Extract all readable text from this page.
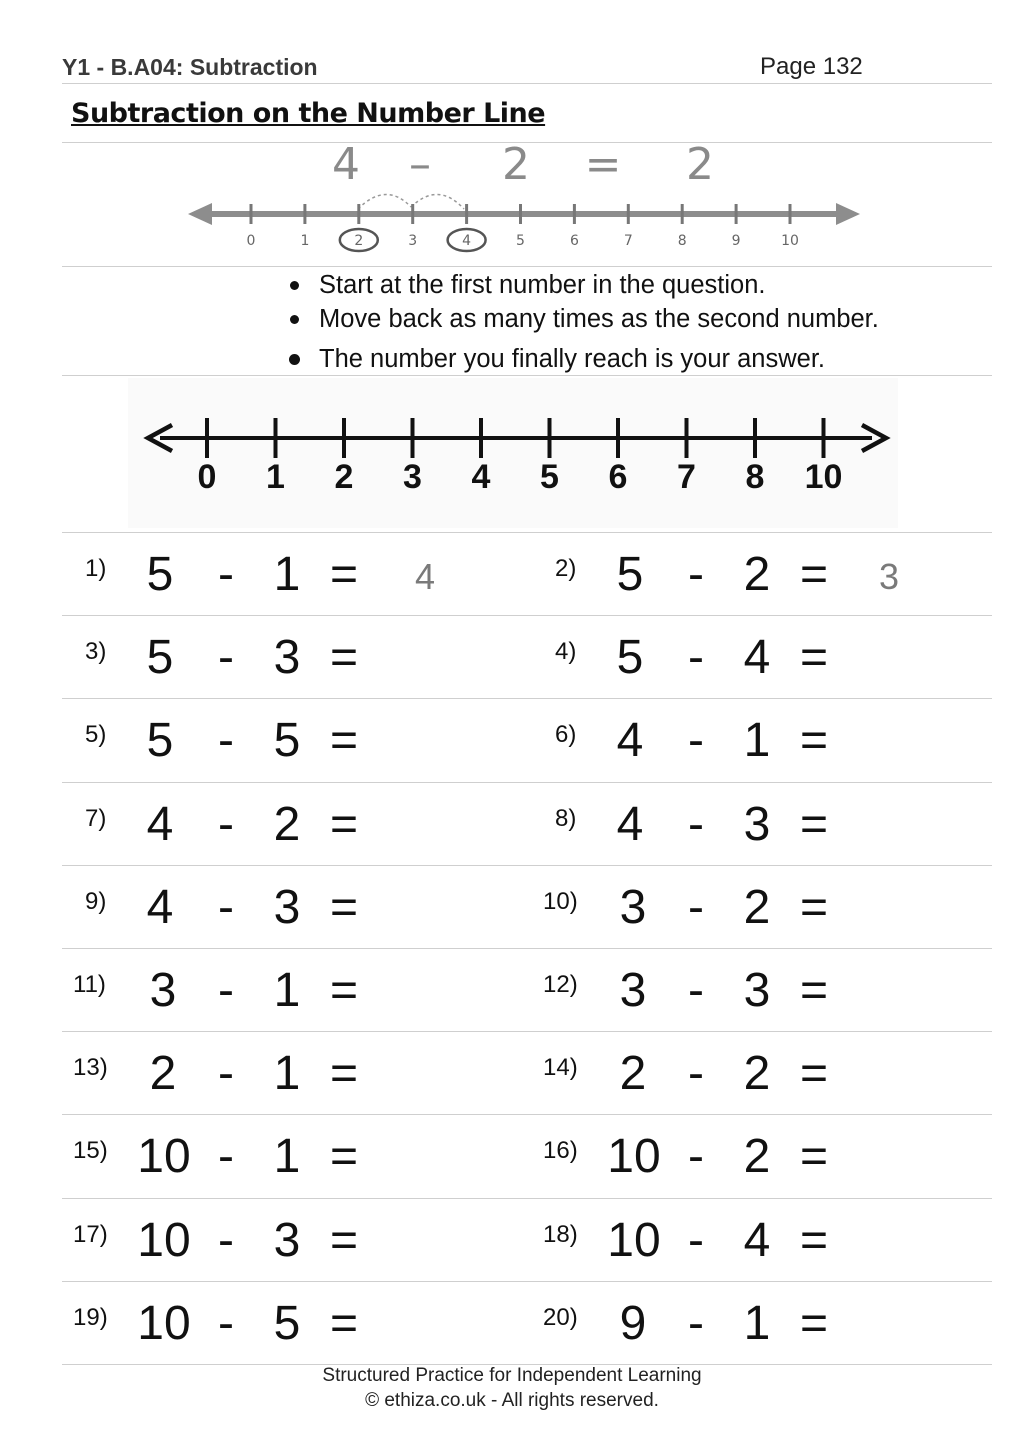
Y1 - B.A04: Subtraction	Page 132
Subtraction on the Number Line
4 – 2 = 2
0	1	2	3	4	5	6	7	8	9	10
Start at the first number in the question.
Move back as many times as the second number.
The number you finally reach is your answer.
0 1 2 3 4 5 6 7 8 10
1) 5 - 1 = 4	2) 5 - 2 = 3
3) 5 - 3 =	4) 5 - 4 =
5) 5 - 5 =	6) 4 - 1 =
7) 4 - 2 =	8) 4 - 3 =
9) 4 - 3 =	10) 3 - 2 =
11) 3 - 1 =	12) 3 - 3 =
13) 2 - 1 =	14) 2 - 2 =
15) 10 - 1 =	16) 10 - 2 =
17) 10 - 3 =	18) 10 - 4 =
19) 10 - 5 =	20) 9 - 1 =
Structured Practice for Independent Learning
© ethiza.co.uk - All rights reserved.
